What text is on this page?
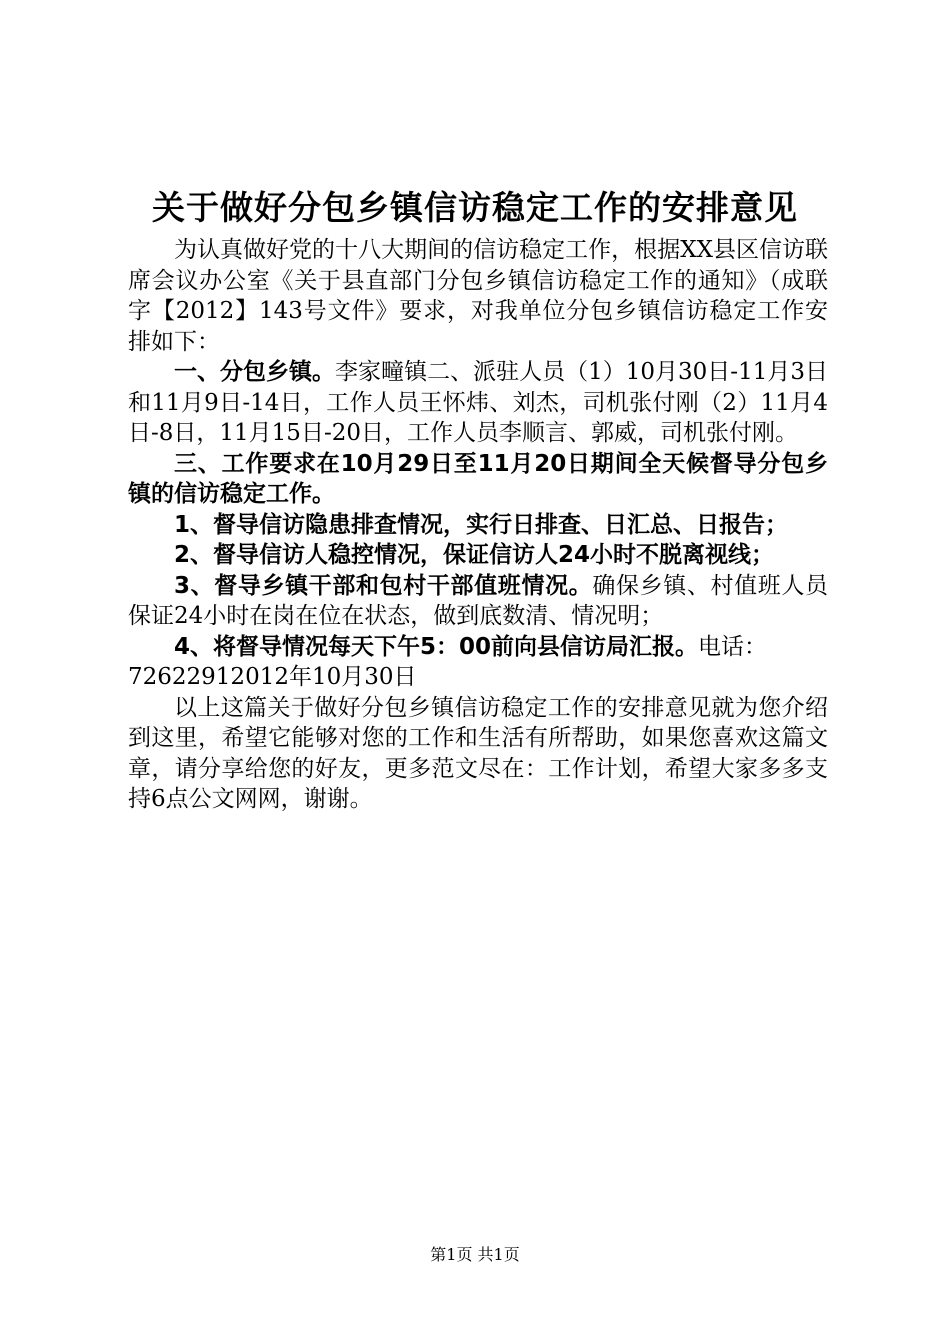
关于做好分包乡镇信访稳定工作的安排意见

为认真做好党的十八大期间的信访稳定工作，根据XX县区信访联席会议办公室《关于县直部门分包乡镇信访稳定工作的通知》（成联字【2012】143号文件》要求，对我单位分包乡镇信访稳定工作安排如下：

一、分包乡镇。李家疃镇二、派驻人员（1）10月30日-11月3日和11月9日-14日，工作人员王怀炜、刘杰，司机张付刚（2）11月4日-8日，11月15日-20日，工作人员李顺言、郭威，司机张付刚。

三、工作要求在10月29日至11月20日期间全天候督导分包乡镇的信访稳定工作。

1、督导信访隐患排查情况，实行日排查、日汇总、日报告；

2、督导信访人稳控情况，保证信访人24小时不脱离视线；

3、督导乡镇干部和包村干部值班情况。确保乡镇、村值班人员保证24小时在岗在位在状态，做到底数清、情况明；

4、将督导情况每天下午5：00前向县信访局汇报。电话：

72622912012年10月30日

以上这篇关于做好分包乡镇信访稳定工作的安排意见就为您介绍到这里，希望它能够对您的工作和生活有所帮助，如果您喜欢这篇文章，请分享给您的好友，更多范文尽在：工作计划，希望大家多多支持6点公文网网，谢谢。

第1页 共1页
